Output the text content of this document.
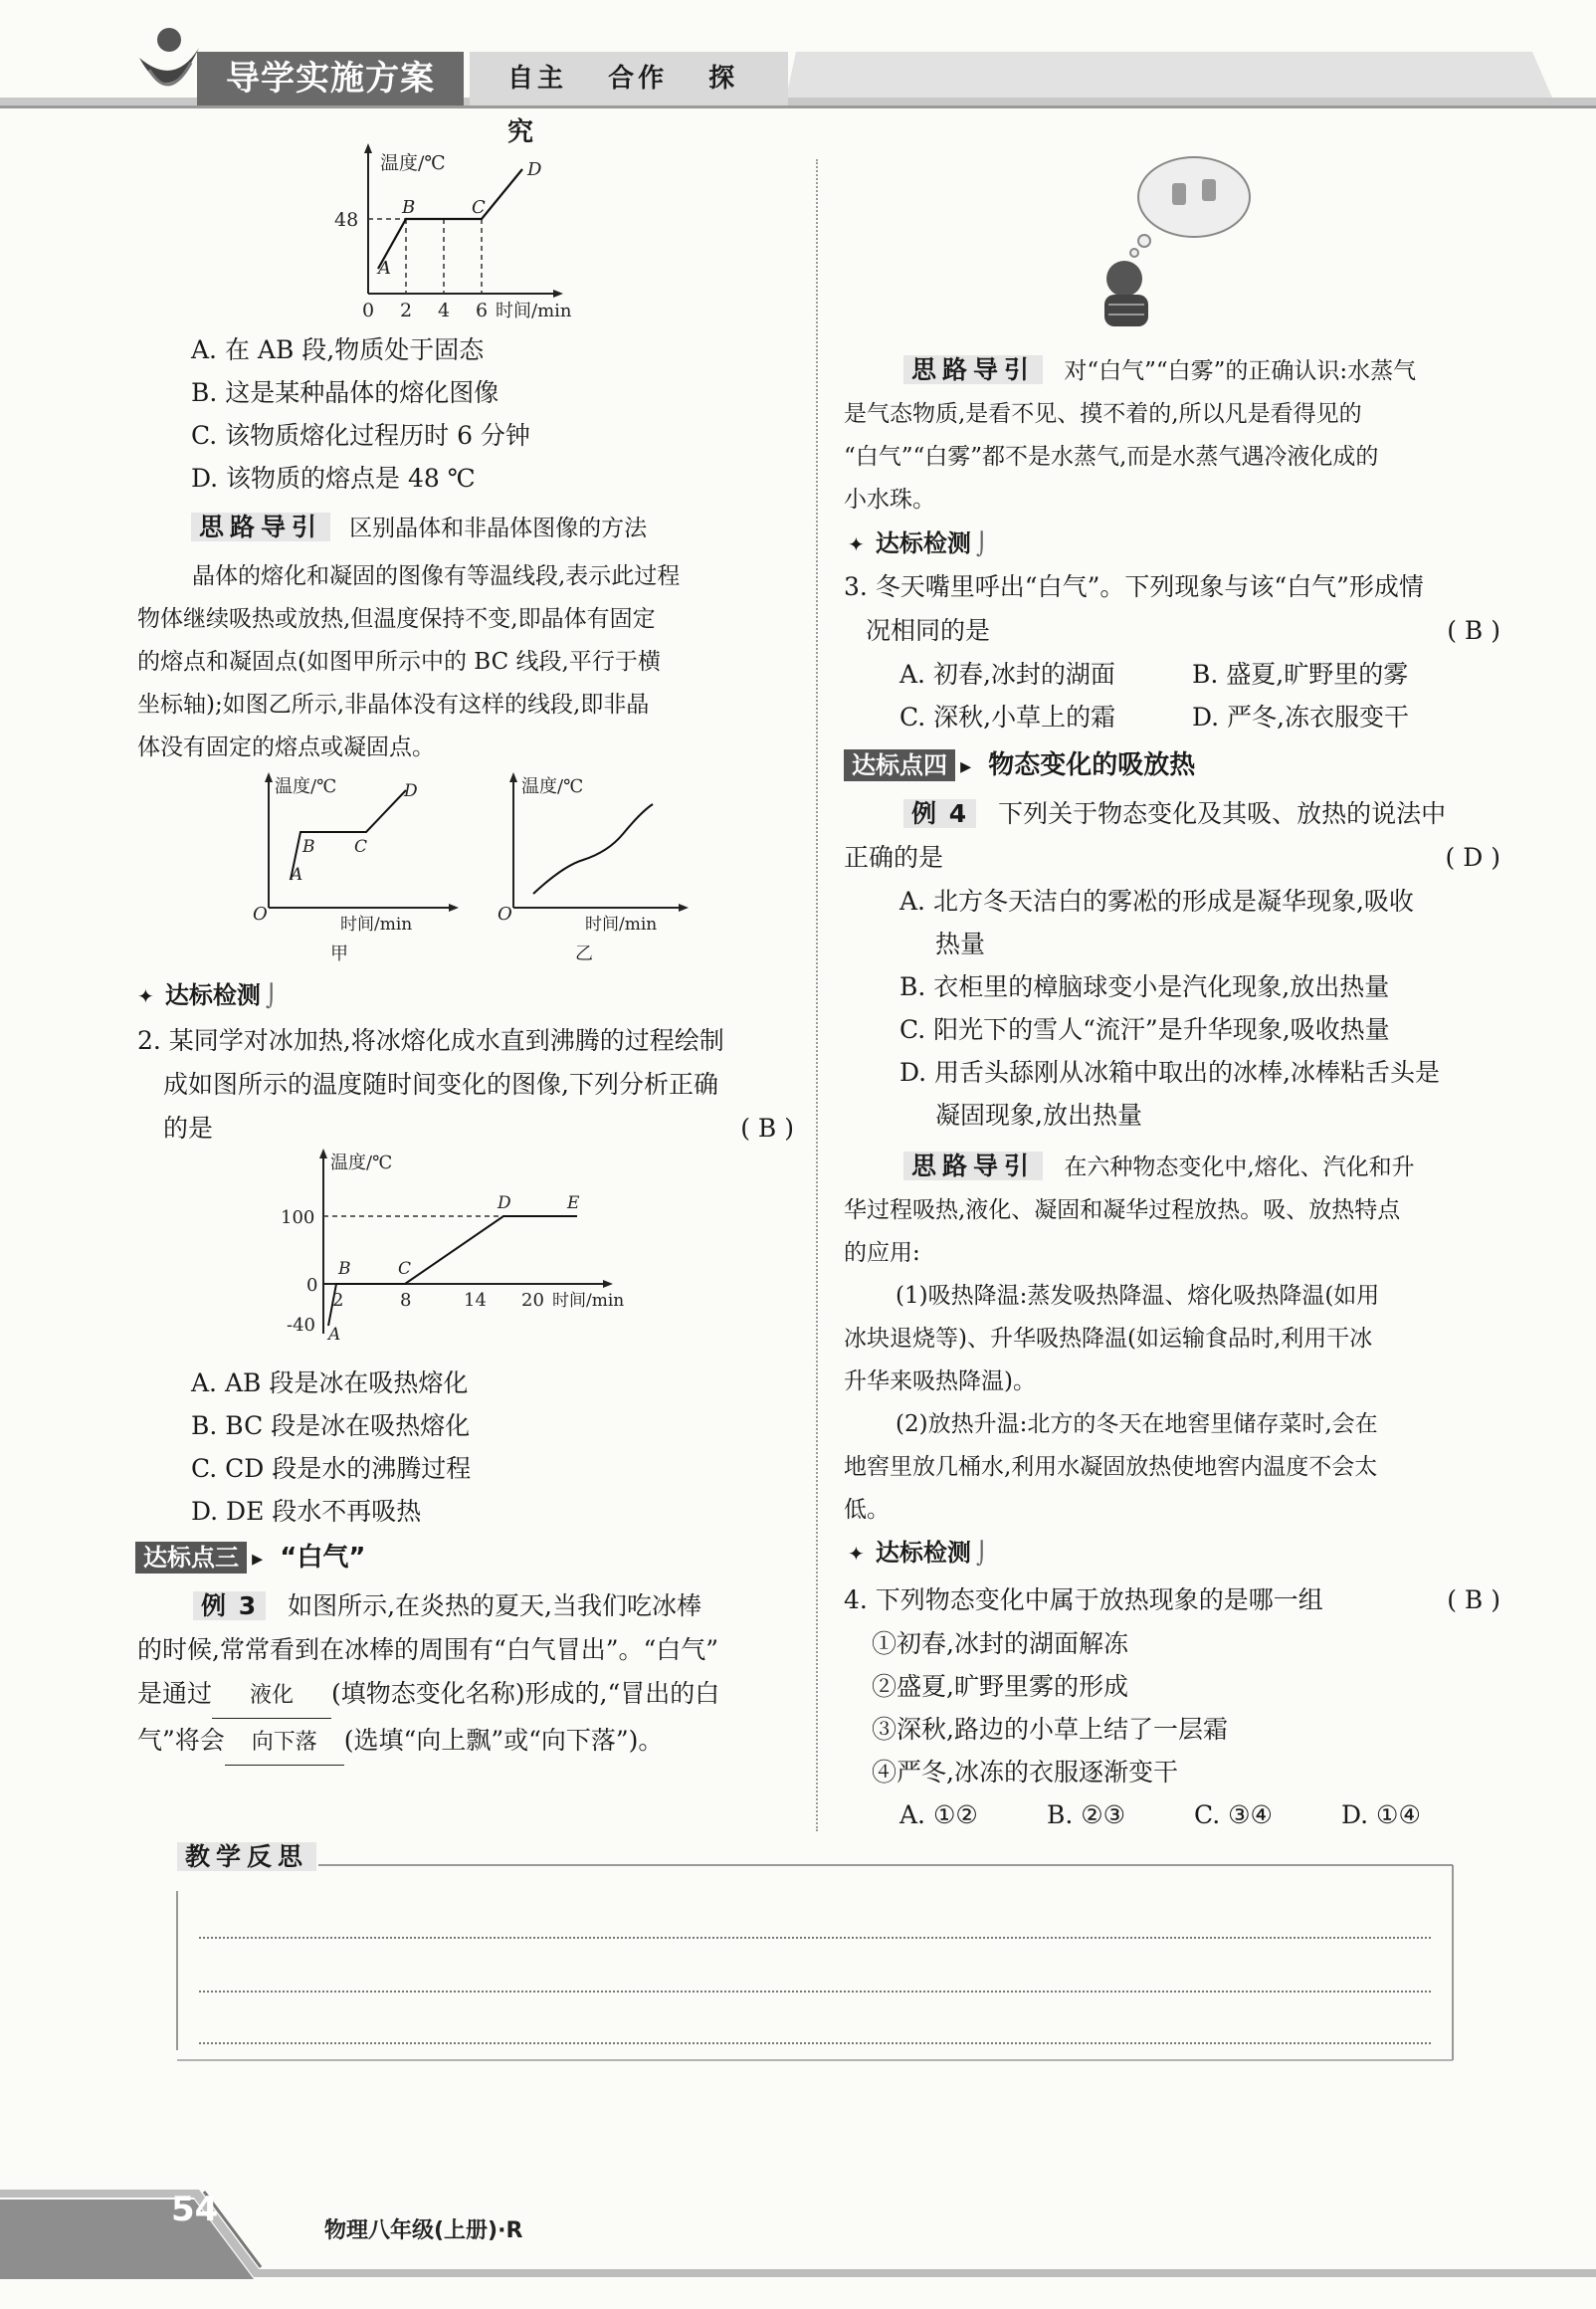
导学实施方案	自主 合作 探究
温度/℃
时间/min
48
0 2 4 6
A
B	C
D
A. 在 AB 段,物质处于固态
B. 这是某种晶体的熔化图像
C. 该物质熔化过程历时 6 分钟
D. 该物质的熔点是 48 ℃
思路导引 区别晶体和非晶体图像的方法
晶体的熔化和凝固的图像有等温线段,表示此过程
物体继续吸热或放热,但温度保持不变,即晶体有固定
的熔点和凝固点(如图甲所示中的 BC 线段,平行于横
坐标轴);如图乙所示,非晶体没有这样的线段,即非晶
体没有固定的熔点或凝固点。
温度/℃
时间/min
O
A
B C
D
甲
温度/℃
时间/min
O
乙
✦ 达标检测 ⌡
2. 某同学对冰加热,将冰熔化成水直到沸腾的过程绘制
成如图所示的温度随时间变化的图像,下列分析正确
的是	( B )
温度/℃
时间/min
100
0
-40
2	8	14 20
A
B	C
D	E
A. AB 段是冰在吸热熔化
B. BC 段是冰在吸热熔化
C. CD 段是水的沸腾过程
D. DE 段水不再吸热
达标点三 ▸ “白气”
例 3 如图所示,在炎热的夏天,当我们吃冰棒
的时候,常常看到在冰棒的周围有“白气冒出”。“白气”
是通过 液化 (填物态变化名称)形成的,“冒出的白
气”将会 向下落 (选填“向上飘”或“向下落”)。
思路导引 对“白气”“白雾”的正确认识:水蒸气
是气态物质,是看不见、摸不着的,所以凡是看得见的
“白气”“白雾”都不是水蒸气,而是水蒸气遇冷液化成的
小水珠。
✦ 达标检测 ⌡
3. 冬天嘴里呼出“白气”。下列现象与该“白气”形成情
况相同的是	( B )
A. 初春,冰封的湖面	B. 盛夏,旷野里的雾
C. 深秋,小草上的霜	D. 严冬,冻衣服变干
达标点四 ▸ 物态变化的吸放热
例 4 下列关于物态变化及其吸、放热的说法中
正确的是	( D )
A. 北方冬天洁白的雾凇的形成是凝华现象,吸收
热量
B. 衣柜里的樟脑球变小是汽化现象,放出热量
C. 阳光下的雪人“流汗”是升华现象,吸收热量
D. 用舌头舔刚从冰箱中取出的冰棒,冰棒粘舌头是
凝固现象,放出热量
思路导引 在六种物态变化中,熔化、汽化和升
华过程吸热,液化、凝固和凝华过程放热。吸、放热特点
的应用:
(1)吸热降温:蒸发吸热降温、熔化吸热降温(如用
冰块退烧等)、升华吸热降温(如运输食品时,利用干冰
升华来吸热降温)。
(2)放热升温:北方的冬天在地窖里储存菜时,会在
地窖里放几桶水,利用水凝固放热使地窖内温度不会太
低。
✦ 达标检测 ⌡
4. 下列物态变化中属于放热现象的是哪一组	( B )
①初春,冰封的湖面解冻
②盛夏,旷野里雾的形成
③深秋,路边的小草上结了一层霜
④严冬,冰冻的衣服逐渐变干
A. ①②	B. ②③	C. ③④	D. ①④
教学反思
54
物理八年级(上册)·R
